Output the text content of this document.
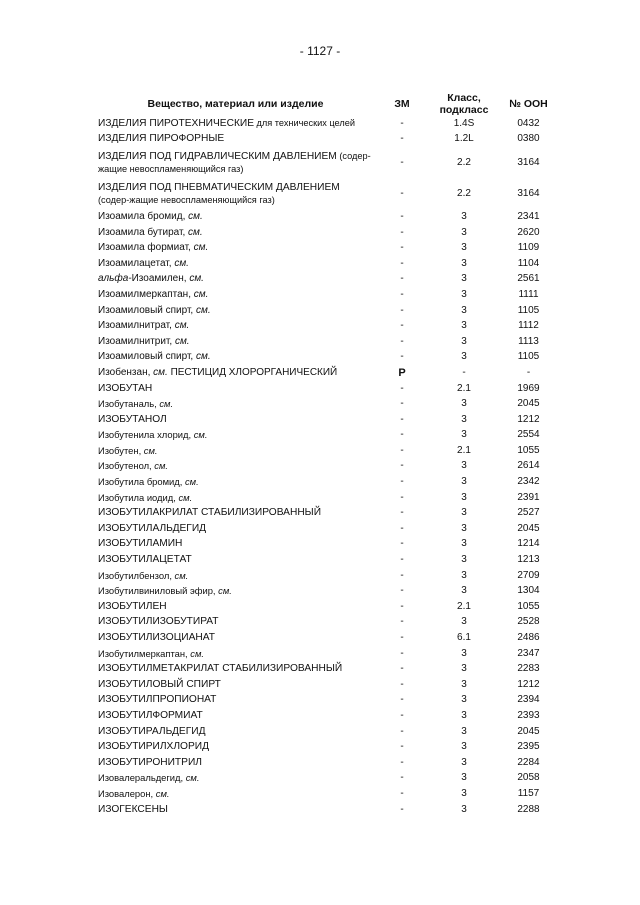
- 1127 -
Вещество, материал или изделие	ЗМ	Класс, подкласс	№ ООН
ИЗДЕЛИЯ ПИРОТЕХНИЧЕСКИЕ для технических целей	-	1.4S	0432
ИЗДЕЛИЯ ПИРОФОРНЫЕ	-	1.2L	0380
ИЗДЕЛИЯ ПОД ГИДРАВЛИЧЕСКИМ ДАВЛЕНИЕМ (содер-жащие невоспламеняющийся газ)	-	2.2	3164
ИЗДЕЛИЯ ПОД ПНЕВМАТИЧЕСКИМ ДАВЛЕНИЕМ (содер-жащие невоспламеняющийся газ)	-	2.2	3164
Изоамила бромид, см.	-	3	2341
Изоамила бутират, см.	-	3	2620
Изоамила формиат, см.	-	3	1109
Изоамилацетат, см.	-	3	1104
альфа-Изоамилен, см.	-	3	2561
Изоамилмеркаптан, см.	-	3	1111
Изоамиловый спирт, см.	-	3	1105
Изоамилнитрат, см.	-	3	1112
Изоамилнитрит, см.	-	3	1113
Изоамиловый спирт, см.	-	3	1105
Изобензан, см. ПЕСТИЦИД ХЛОРОРГАНИЧЕСКИЙ	Р	-	-
ИЗОБУТАН	-	2.1	1969
Изобутаналь, см.	-	3	2045
ИЗОБУТАНОЛ	-	3	1212
Изобутенила хлорид, см.	-	3	2554
Изобутен, см.	-	2.1	1055
Изобутенол, см.	-	3	2614
Изобутила бромид, см.	-	3	2342
Изобутила иодид, см.	-	3	2391
ИЗОБУТИЛАКРИЛАТ СТАБИЛИЗИРОВАННЫЙ	-	3	2527
ИЗОБУТИЛАЛЬДЕГИД	-	3	2045
ИЗОБУТИЛАМИН	-	3	1214
ИЗОБУТИЛАЦЕТАТ	-	3	1213
Изобутилбензол, см.	-	3	2709
Изобутилвиниловый эфир, см.	-	3	1304
ИЗОБУТИЛЕН	-	2.1	1055
ИЗОБУТИЛИЗОБУТИРАТ	-	3	2528
ИЗОБУТИЛИЗОЦИАНАТ	-	6.1	2486
Изобутилмеркаптан, см.	-	3	2347
ИЗОБУТИЛМЕТАКРИЛАТ СТАБИЛИЗИРОВАННЫЙ	-	3	2283
ИЗОБУТИЛОВЫЙ СПИРТ	-	3	1212
ИЗОБУТИЛПРОПИОНАТ	-	3	2394
ИЗОБУТИЛФОРМИАТ	-	3	2393
ИЗОБУТИРАЛЬДЕГИД	-	3	2045
ИЗОБУТИРИЛХЛОРИД	-	3	2395
ИЗОБУТИРОНИТРИЛ	-	3	2284
Изовалеральдегид, см.	-	3	2058
Изовалерон, см.	-	3	1157
ИЗОГЕКСЕНЫ	-	3	2288
